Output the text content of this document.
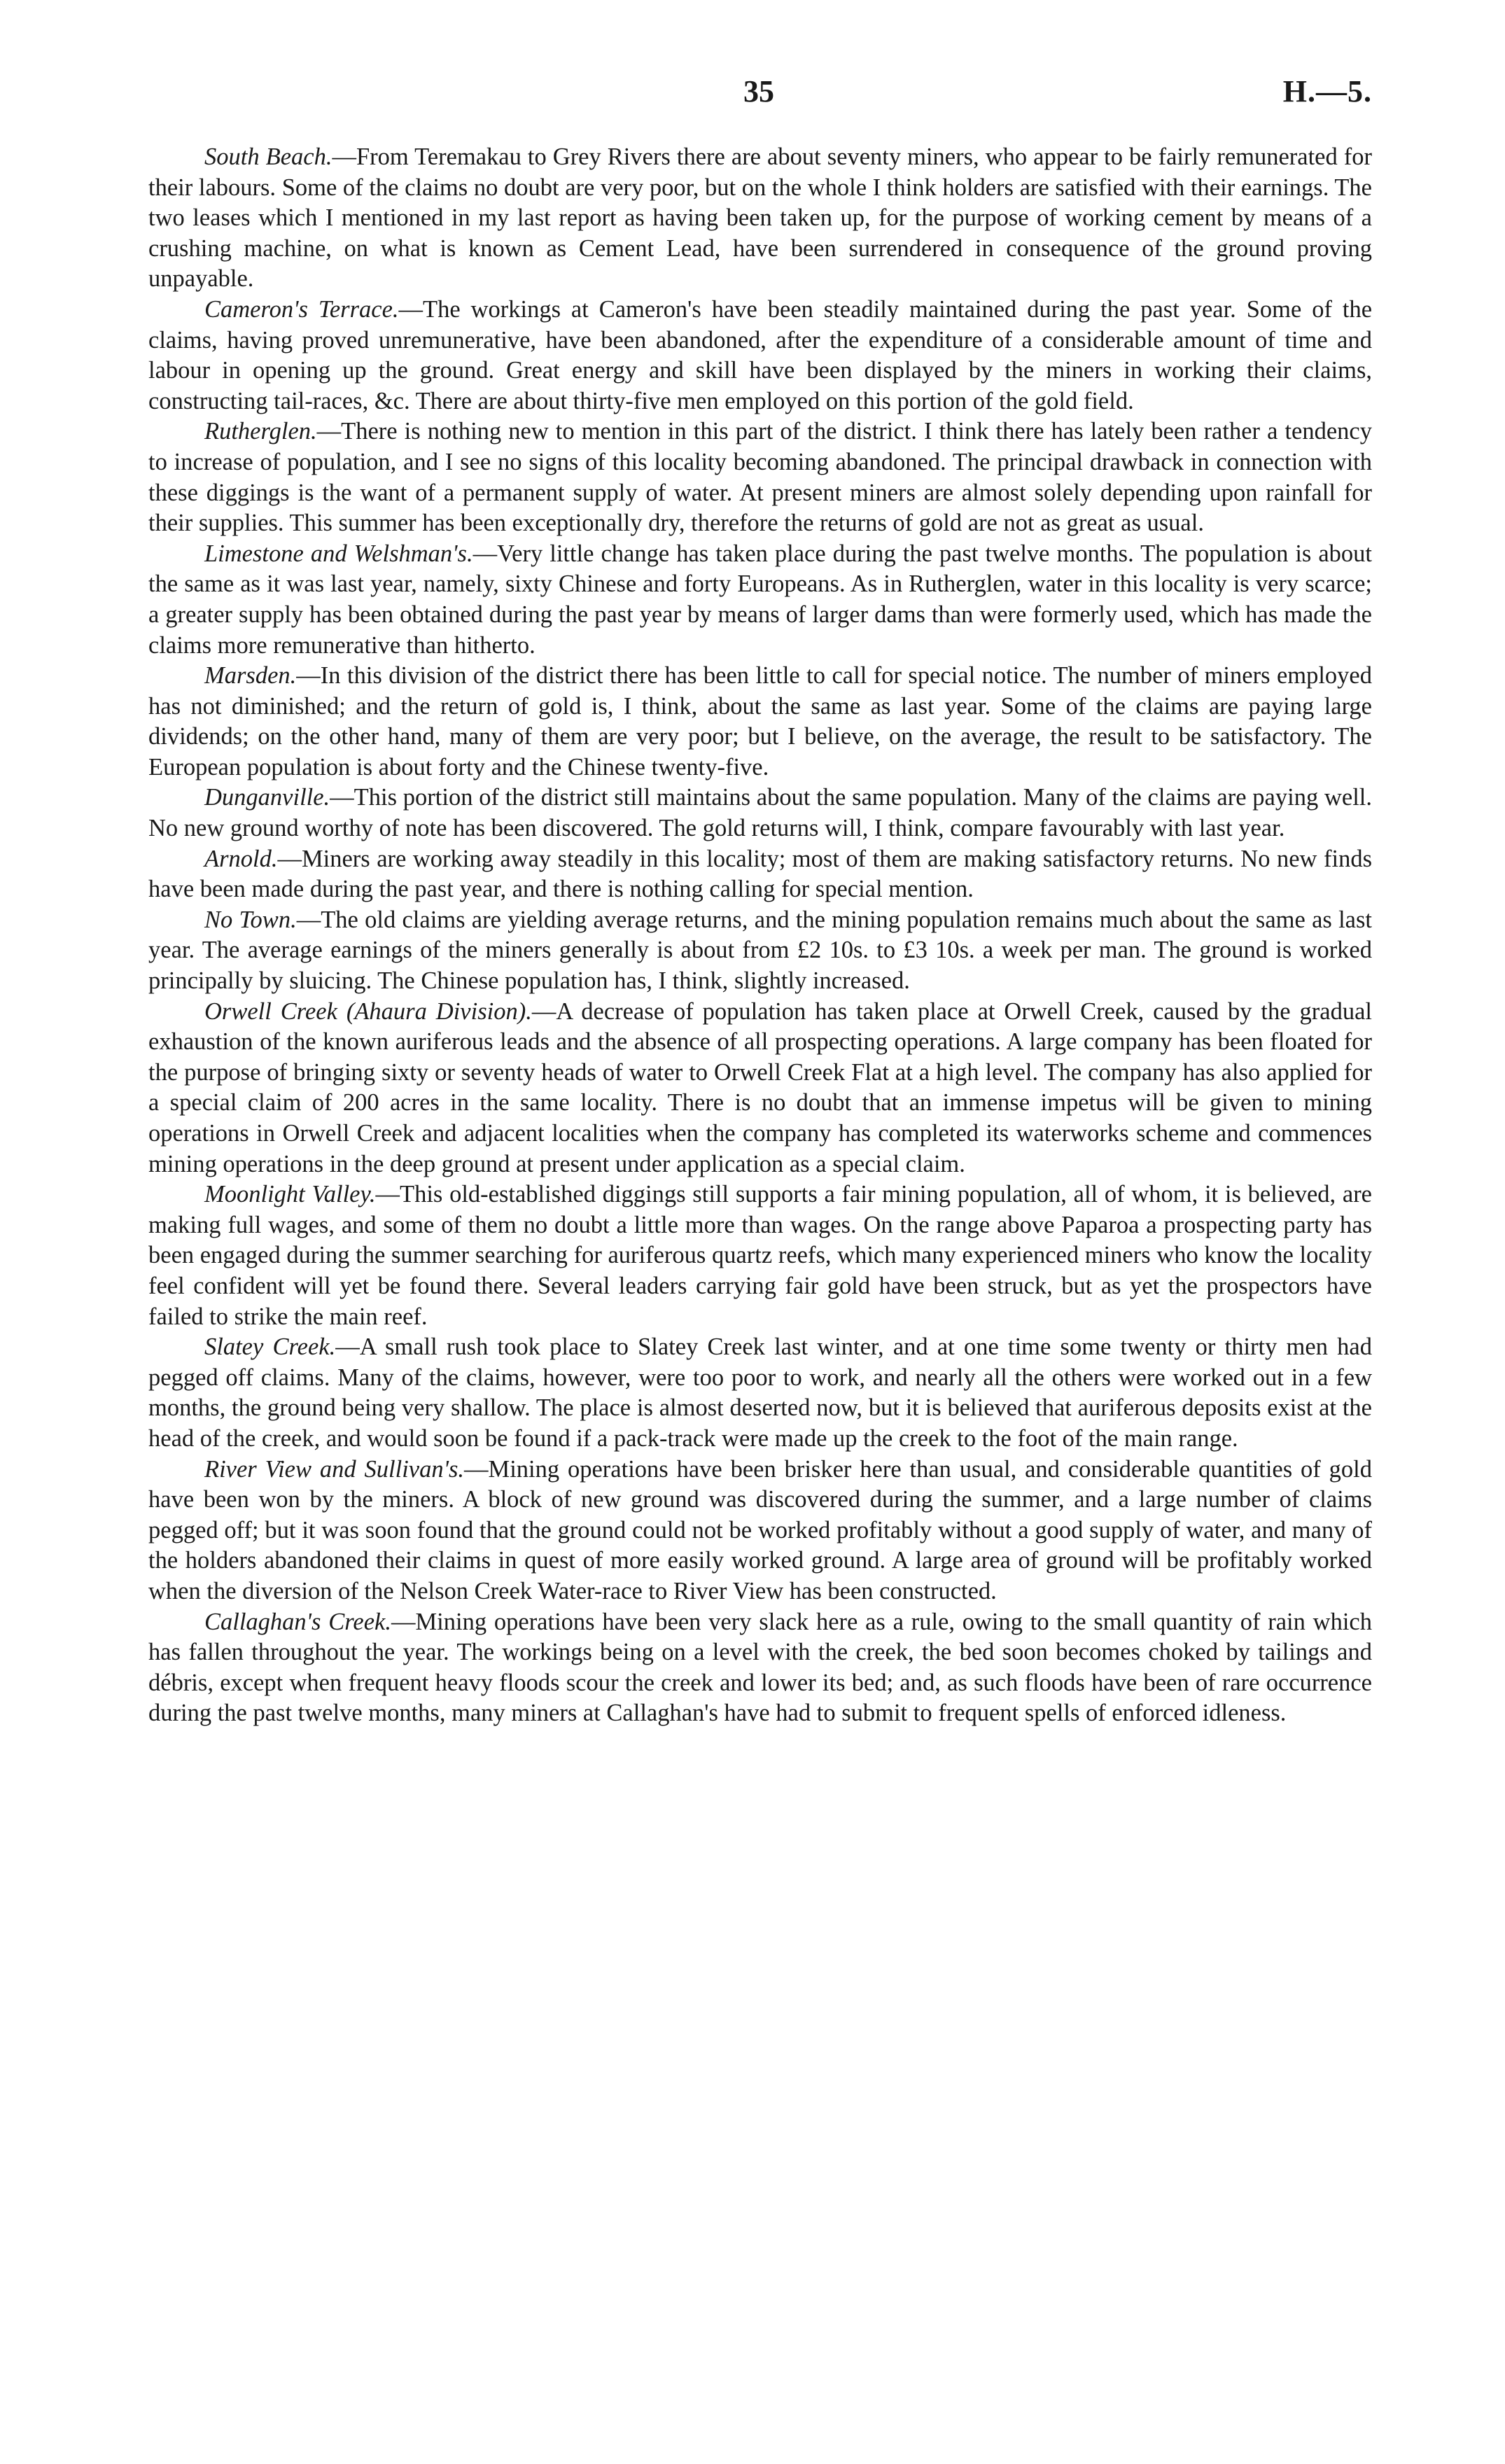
35	H.—5.

South Beach.—From Teremakau to Grey Rivers there are about seventy miners, who appear to be fairly remunerated for their labours. Some of the claims no doubt are very poor, but on the whole I think holders are satisfied with their earnings. The two leases which I mentioned in my last report as having been taken up, for the purpose of working cement by means of a crushing machine, on what is known as Cement Lead, have been surrendered in consequence of the ground proving unpayable.

Cameron's Terrace.—The workings at Cameron's have been steadily maintained during the past year. Some of the claims, having proved unremunerative, have been abandoned, after the expenditure of a considerable amount of time and labour in opening up the ground. Great energy and skill have been displayed by the miners in working their claims, constructing tail-races, &c. There are about thirty-five men employed on this portion of the gold field.

Rutherglen.—There is nothing new to mention in this part of the district. I think there has lately been rather a tendency to increase of population, and I see no signs of this locality becoming abandoned. The principal drawback in connection with these diggings is the want of a permanent supply of water. At present miners are almost solely depending upon rainfall for their supplies. This summer has been exceptionally dry, therefore the returns of gold are not as great as usual.

Limestone and Welshman's.—Very little change has taken place during the past twelve months. The population is about the same as it was last year, namely, sixty Chinese and forty Europeans. As in Rutherglen, water in this locality is very scarce; a greater supply has been obtained during the past year by means of larger dams than were formerly used, which has made the claims more remunerative than hitherto.

Marsden.—In this division of the district there has been little to call for special notice. The number of miners employed has not diminished; and the return of gold is, I think, about the same as last year. Some of the claims are paying large dividends; on the other hand, many of them are very poor; but I believe, on the average, the result to be satisfactory. The European population is about forty and the Chinese twenty-five.

Dunganville.—This portion of the district still maintains about the same population. Many of the claims are paying well. No new ground worthy of note has been discovered. The gold returns will, I think, compare favourably with last year.

Arnold.—Miners are working away steadily in this locality; most of them are making satisfactory returns. No new finds have been made during the past year, and there is nothing calling for special mention.

No Town.—The old claims are yielding average returns, and the mining population remains much about the same as last year. The average earnings of the miners generally is about from £2 10s. to £3 10s. a week per man. The ground is worked principally by sluicing. The Chinese population has, I think, slightly increased.

Orwell Creek (Ahaura Division).—A decrease of population has taken place at Orwell Creek, caused by the gradual exhaustion of the known auriferous leads and the absence of all prospecting operations. A large company has been floated for the purpose of bringing sixty or seventy heads of water to Orwell Creek Flat at a high level. The company has also applied for a special claim of 200 acres in the same locality. There is no doubt that an immense impetus will be given to mining operations in Orwell Creek and adjacent localities when the company has completed its waterworks scheme and commences mining operations in the deep ground at present under application as a special claim.

Moonlight Valley.—This old-established diggings still supports a fair mining population, all of whom, it is believed, are making full wages, and some of them no doubt a little more than wages. On the range above Paparoa a prospecting party has been engaged during the summer searching for auriferous quartz reefs, which many experienced miners who know the locality feel confident will yet be found there. Several leaders carrying fair gold have been struck, but as yet the prospectors have failed to strike the main reef.

Slatey Creek.—A small rush took place to Slatey Creek last winter, and at one time some twenty or thirty men had pegged off claims. Many of the claims, however, were too poor to work, and nearly all the others were worked out in a few months, the ground being very shallow. The place is almost deserted now, but it is believed that auriferous deposits exist at the head of the creek, and would soon be found if a pack-track were made up the creek to the foot of the main range.

River View and Sullivan's.—Mining operations have been brisker here than usual, and considerable quantities of gold have been won by the miners. A block of new ground was discovered during the summer, and a large number of claims pegged off; but it was soon found that the ground could not be worked profitably without a good supply of water, and many of the holders abandoned their claims in quest of more easily worked ground. A large area of ground will be profitably worked when the diversion of the Nelson Creek Water-race to River View has been constructed.

Callaghan's Creek.—Mining operations have been very slack here as a rule, owing to the small quantity of rain which has fallen throughout the year. The workings being on a level with the creek, the bed soon becomes choked by tailings and débris, except when frequent heavy floods scour the creek and lower its bed; and, as such floods have been of rare occurrence during the past twelve months, many miners at Callaghan's have had to submit to frequent spells of enforced idleness.
